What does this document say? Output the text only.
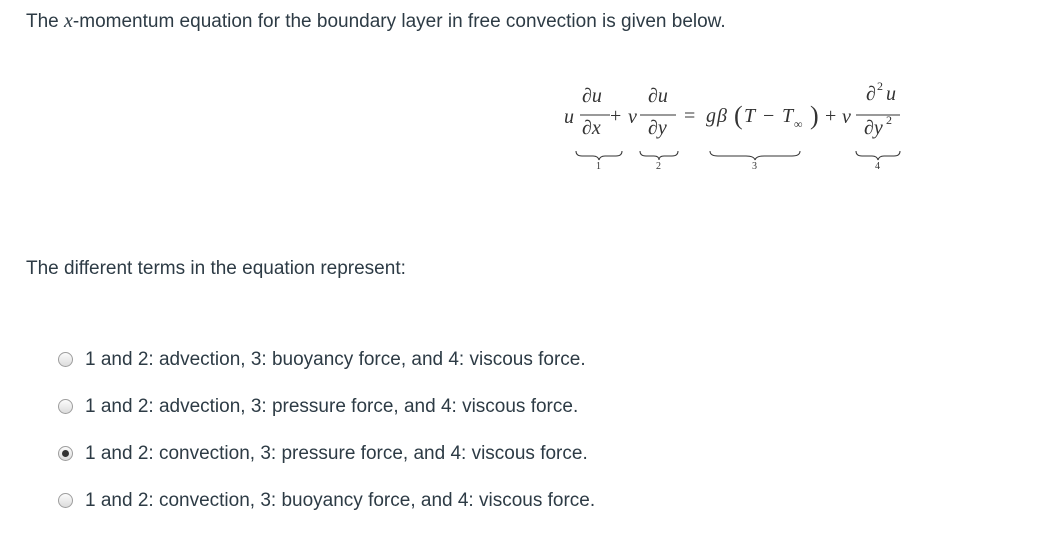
The x-momentum equation for the boundary layer in free convection is given below.
u
∂u
∂x
+ v
∂u
∂y
= g β ( T − T ∞ ) + v
∂ 2 u
∂y 2
1	2	3	4
The different terms in the equation represent:
1 and 2: advection, 3: buoyancy force, and 4: viscous force.
1 and 2: advection, 3: pressure force, and 4: viscous force.
1 and 2: convection, 3: pressure force, and 4: viscous force.
1 and 2: convection, 3: buoyancy force, and 4: viscous force.
